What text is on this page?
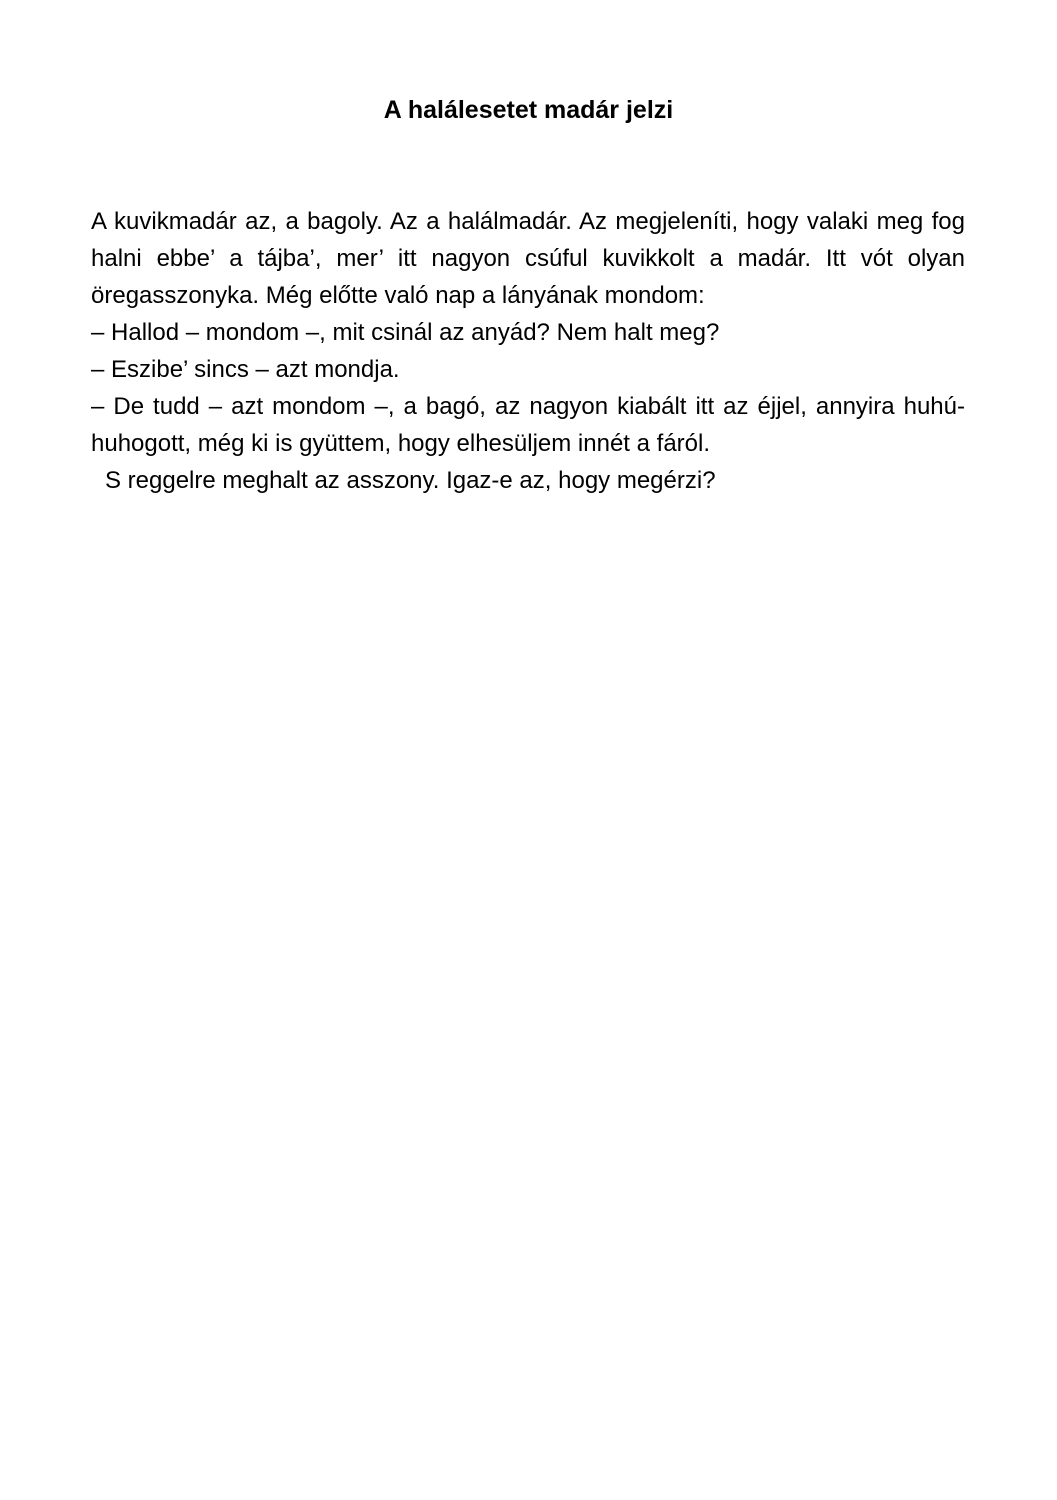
A halálesetet madár jelzi

A kuvikmadár az, a bagoly. Az a halálmadár. Az megjeleníti, hogy valaki meg fog halni ebbe’ a tájba’, mer’ itt nagyon csúful kuvikkolt a madár. Itt vót olyan öregasszonyka. Még előtte való nap a lányának mondom:

– Hallod – mondom –, mit csinál az anyád? Nem halt meg?

– Eszibe’ sincs – azt mondja.

– De tudd – azt mondom –, a bagó, az nagyon kiabált itt az éjjel, annyira huhú-huhogott, még ki is gyüttem, hogy elhesüljem innét a fáról.

S reggelre meghalt az asszony. Igaz-e az, hogy megérzi?
